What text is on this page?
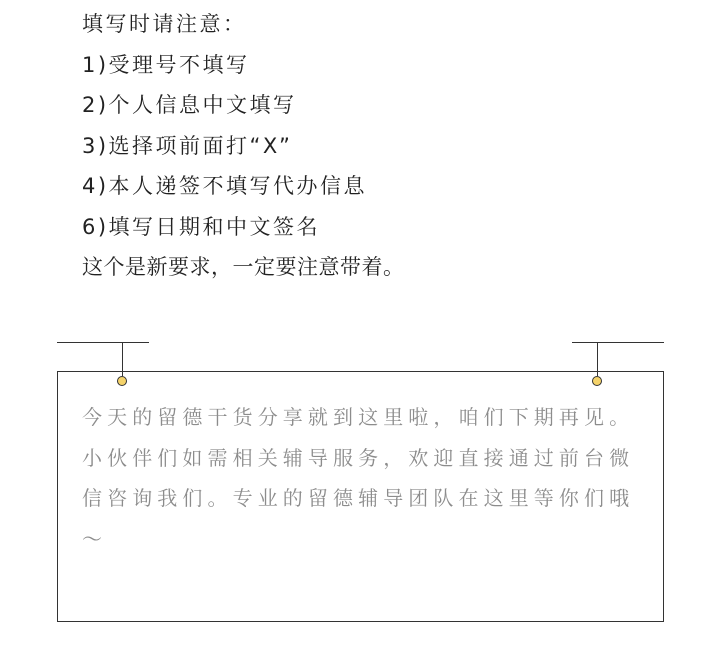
填写时请注意：
1)受理号不填写
2)个人信息中文填写
3)选择项前面打“X”
4)本人递签不填写代办信息
6)填写日期和中文签名
这个是新要求，一定要注意带着。

今天的留德干货分享就到这里啦，咱们下期再见。

小伙伴们如需相关辅导服务，欢迎直接通过前台微信咨询我们。专业的留德辅导团队在这里等你们哦～
